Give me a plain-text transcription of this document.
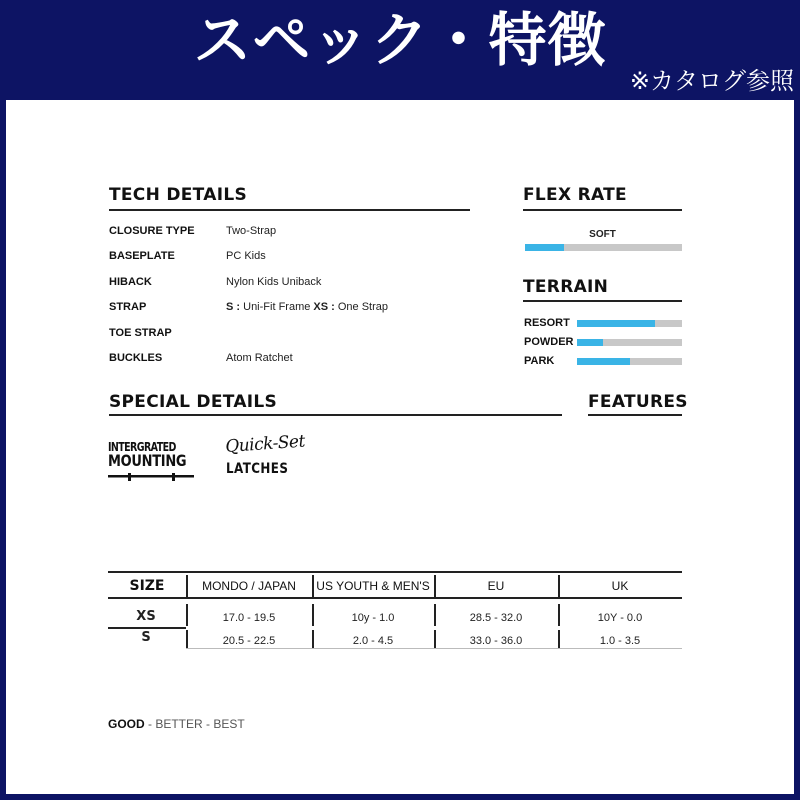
スペック・特徴
※カタログ参照
TECH DETAILS
CLOSURE TYPE	Two-Strap
BASEPLATE	PC Kids
HIBACK	Nylon Kids Uniback
STRAP	S : Uni-Fit Frame XS : One Strap
TOE STRAP
BUCKLES	Atom Ratchet
FLEX RATE
SOFT
TERRAIN
RESORT
POWDER
PARK
SPECIAL DETAILS	FEATURES
INTERGRATED
MOUNTING
Quick-Set
LATCHES
SIZE	MONDO / JAPAN	US YOUTH & MEN'S	EU	UK
XS	17.0 - 19.5	10y - 1.0	28.5 - 32.0	10Y - 0.0
S	20.5 - 22.5	2.0 - 4.5	33.0 - 36.0	1.0 - 3.5
GOOD - BETTER - BEST
